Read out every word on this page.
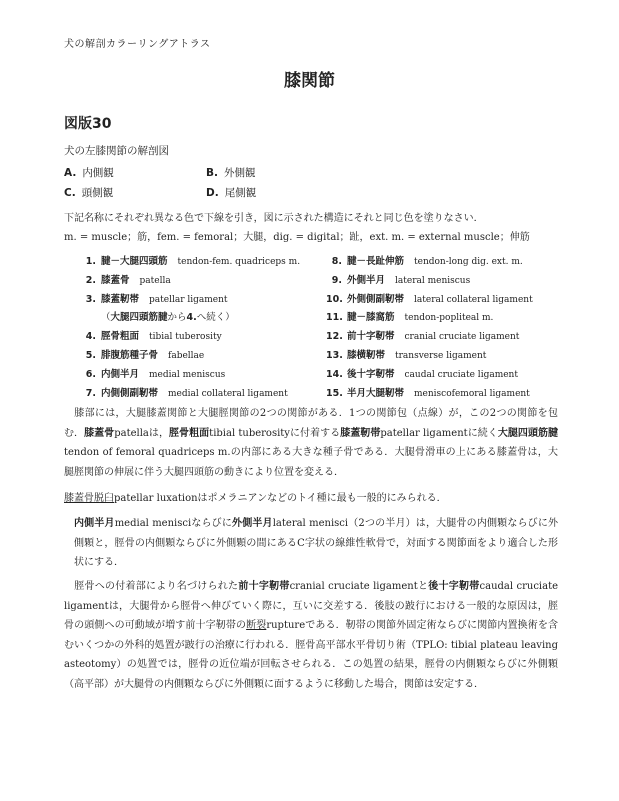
犬の解剖カラーリングアトラス
膝関節
図版30
犬の左膝関節の解剖図
A. 内側観	B. 外側観
C. 頭側観	D. 尾側観
下記名称にそれぞれ異なる色で下線を引き，図に示された構造にそれと同じ色を塗りなさい．
m. = muscle；筋，fem. = femoral；大腿，dig. = digital；趾，ext. m. = external muscle；伸筋
1. 腱－大腿四頭筋 tendon-fem. quadriceps m.
2. 膝蓋骨 patella
3. 膝蓋靭帯 patellar ligament
（大腿四頭筋腱から4.へ続く）
4. 脛骨粗面 tibial tuberosity
5. 腓腹筋種子骨 fabellae
6. 内側半月 medial meniscus
7. 内側側副靭帯 medial collateral ligament
8. 腱－長趾伸筋 tendon-long dig. ext. m.
9. 外側半月 lateral meniscus
10. 外側側副靭帯 lateral collateral ligament
11. 腱－膝窩筋 tendon-popliteal m.
12. 前十字靭帯 cranial cruciate ligament
13. 膝横靭帯 transverse ligament
14. 後十字靭帯 caudal cruciate ligament
15. 半月大腿靭帯 meniscofemoral ligament
　膝部には，大腿膝蓋関節と大腿脛関節の2つの関節がある．1つの関節包（点線）が，この2つの関節を包む．膝蓋骨patellaは，脛骨粗面tibial tuberosityに付着する膝蓋靭帯patellar ligamentに続く大腿四頭筋腱tendon of femoral quadriceps m.の内部にある大きな種子骨である．大腿骨滑車の上にある膝蓋骨は，大腿脛関節の伸展に伴う大腿四頭筋の動きにより位置を変える．
膝蓋骨脱臼patellar luxationはポメラニアンなどのトイ種に最も一般的にみられる．
内側半月medial menisciならびに外側半月lateral menisci（2つの半月）は，大腿骨の内側顆ならびに外側顆と，脛骨の内側顆ならびに外側顆の間にあるC字状の線維性軟骨で，対面する関節面をより適合した形状にする．
　脛骨への付着部により名づけられた前十字靭帯cranial cruciate ligamentと後十字靭帯caudal cruciate ligamentは，大腿骨から脛骨へ伸びていく際に，互いに交差する．後肢の跛行における一般的な原因は，脛骨の頭側への可動域が増す前十字靭帯の断裂ruptureである．靭帯の関節外固定術ならびに関節内置換術を含むいくつかの外科的処置が跛行の治療に行われる．脛骨高平部水平骨切り術（TPLO: tibial plateau leaving asteotomy）の処置では，脛骨の近位端が回転させられる．この処置の結果，脛骨の内側顆ならびに外側顆（高平部）が大腿骨の内側顆ならびに外側顆に面するように移動した場合，関節は安定する．
